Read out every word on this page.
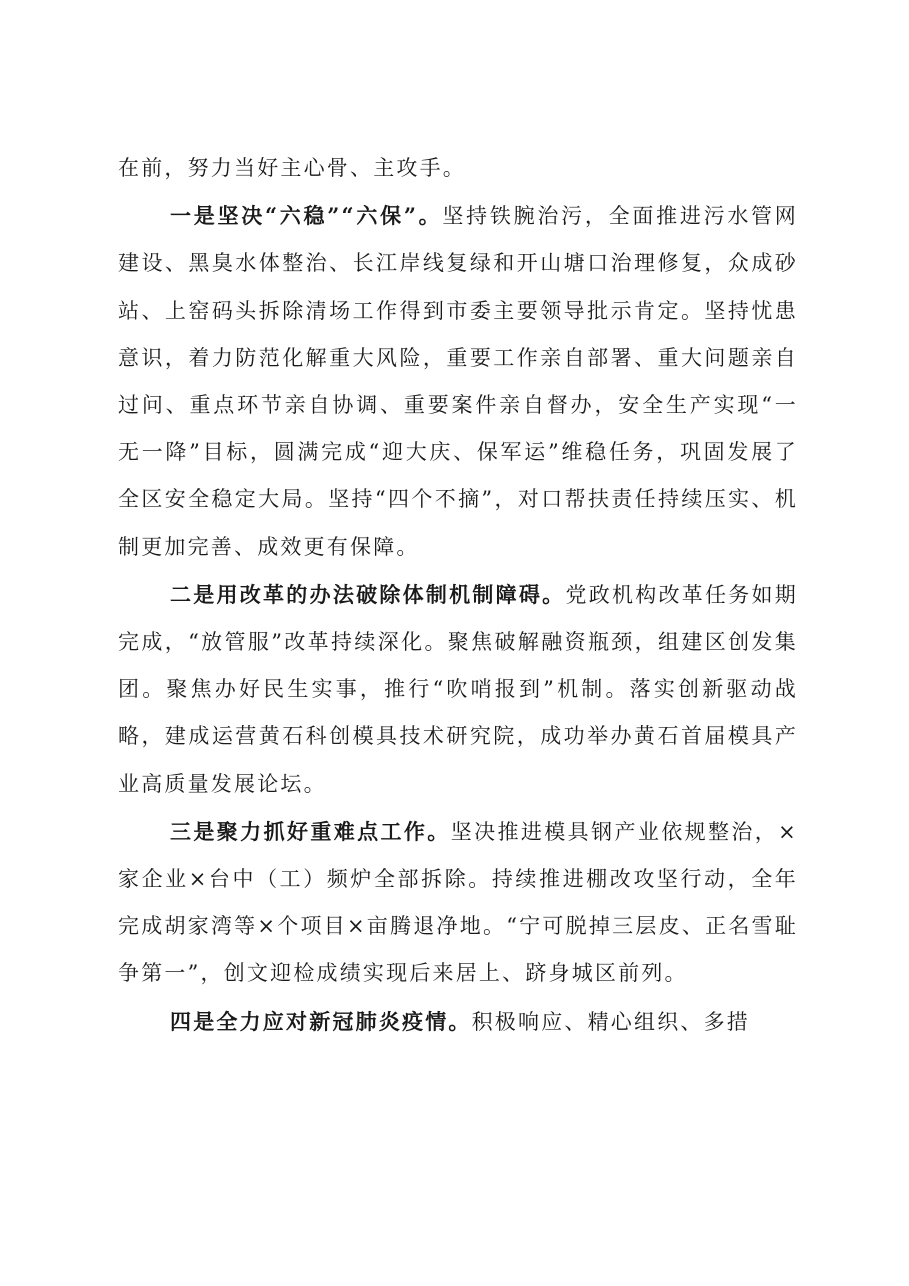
在前，努力当好主心骨、主攻手。

一是坚决“六稳”“六保”。坚持铁腕治污，全面推进污水管网建设、黑臭水体整治、长江岸线复绿和开山塘口治理修复，众成砂站、上窑码头拆除清场工作得到市委主要领导批示肯定。坚持忧患意识，着力防范化解重大风险，重要工作亲自部署、重大问题亲自过问、重点环节亲自协调、重要案件亲自督办，安全生产实现“一无一降”目标，圆满完成“迎大庆、保军运”维稳任务，巩固发展了全区安全稳定大局。坚持“四个不摘”，对口帮扶责任持续压实、机制更加完善、成效更有保障。

二是用改革的办法破除体制机制障碍。党政机构改革任务如期完成，“放管服”改革持续深化。聚焦破解融资瓶颈，组建区创发集团。聚焦办好民生实事，推行“吹哨报到”机制。落实创新驱动战略，建成运营黄石科创模具技术研究院，成功举办黄石首届模具产业高质量发展论坛。

三是聚力抓好重难点工作。坚决推进模具钢产业依规整治，×家企业×台中（工）频炉全部拆除。持续推进棚改攻坚行动，全年完成胡家湾等×个项目×亩腾退净地。“宁可脱掉三层皮、正名雪耻争第一”，创文迎检成绩实现后来居上、跻身城区前列。

四是全力应对新冠肺炎疫情。积极响应、精心组织、多措
